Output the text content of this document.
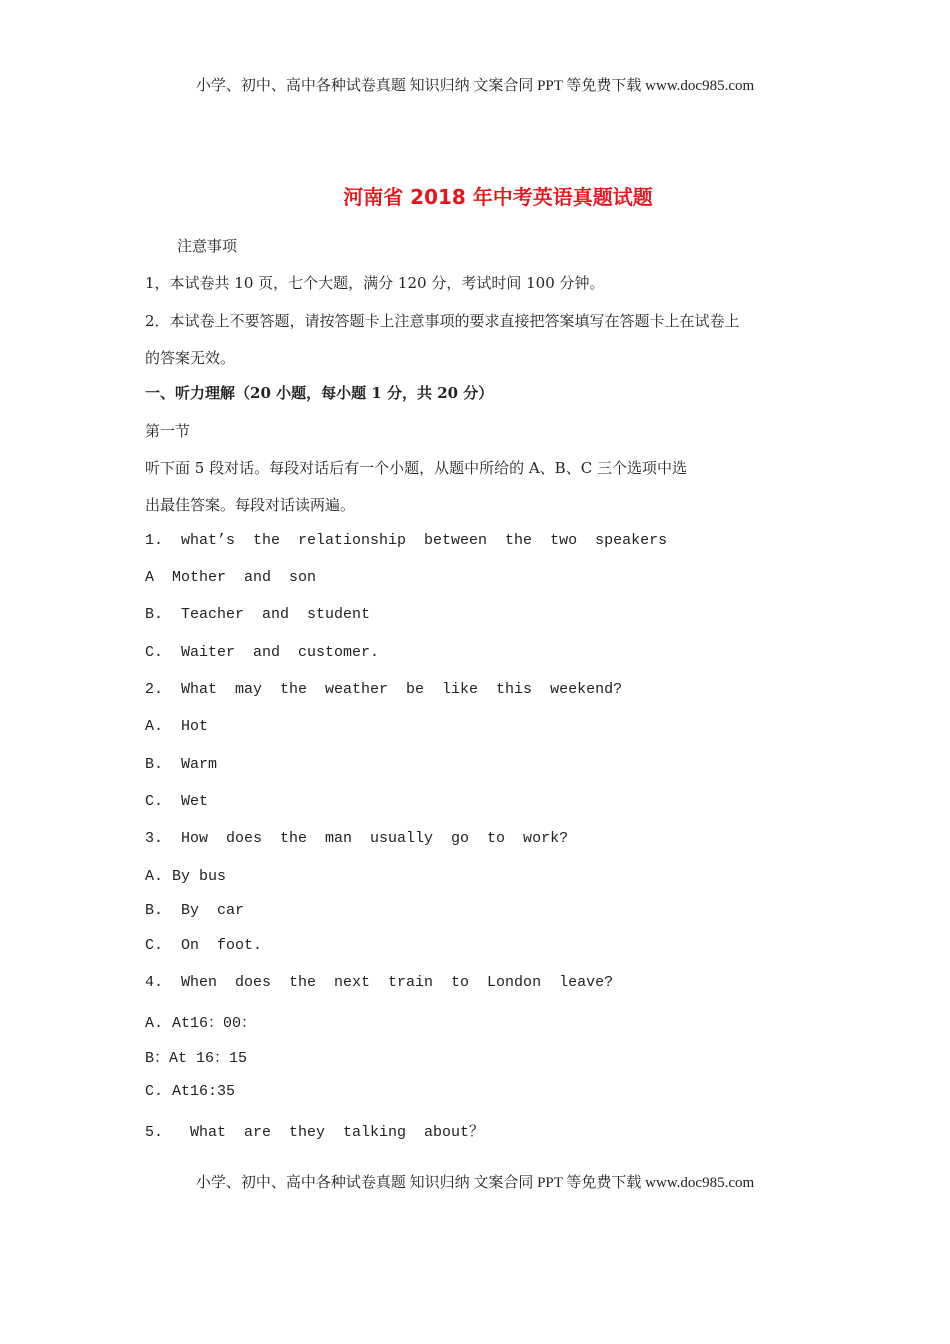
小学、初中、高中各种试卷真题 知识归纳 文案合同 PPT 等免费下载 www.doc985.com
河南省 2018 年中考英语真题试题
注意事项
1，本试卷共 10 页，七个大题，满分 120 分，考试时间 100 分钟。
2．本试卷上不要答题，请按答题卡上注意事项的要求直接把答案填写在答题卡上在试卷上
的答案无效。
一、听力理解（20 小题，每小题 1 分，共 20 分）
第一节
听下面 5 段对话。每段对话后有一个小题，从题中所给的 A、B、C 三个选项中选
出最佳答案。每段对话读两遍。
1.  what’s  the  relationship  between  the  two  speakers
A  Mother  and  son
B.  Teacher  and  student
C.  Waiter  and  customer.
2.  What  may  the  weather  be  like  this  weekend?
A.  Hot
B.  Warm
C.  Wet
3.  How  does  the  man  usually  go  to  work?
A. By bus
B.  By  car
C.  On  foot.
4.  When  does  the  next  train  to  London  leave?
A. At16：00：
B：At 16：15
C. At16:35
5.   What  are  they  talking  about？
小学、初中、高中各种试卷真题 知识归纳 文案合同 PPT 等免费下载 www.doc985.com
